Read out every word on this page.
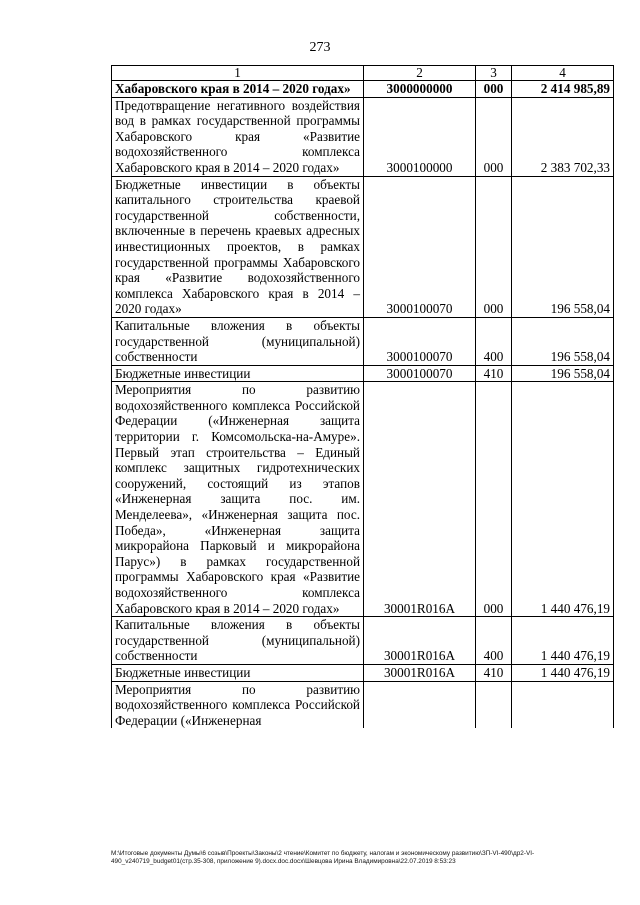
273
1	2	3	4
Хабаровского края в 2014 – 2020 годах»	3000000000	000	2 414 985,89
Предотвращение негативного воздействия вод в рамках государственной программы Хабаровского края «Развитие водохозяйственного комплекса Хабаровского края в 2014 – 2020 годах»	3000100000	000	2 383 702,33
Бюджетные инвестиции в объекты капитального строительства краевой государственной собственности, включенные в перечень краевых адресных инвестиционных проектов, в рамках государственной программы Хабаровского края «Развитие водохозяйственного комплекса Хабаровского края в 2014 – 2020 годах»	3000100070	000	196 558,04
Капитальные вложения в объекты государственной (муниципальной) собственности	3000100070	400	196 558,04
Бюджетные инвестиции	3000100070	410	196 558,04
Мероприятия по развитию водохозяйственного комплекса Российской Федерации («Инженерная защита территории г. Комсомольска-на-Амуре». Первый этап строительства – Единый комплекс защитных гидротехнических сооружений, состоящий из этапов «Инженерная защита пос. им. Менделеева», «Инженерная защита пос. Победа», «Инженерная защита микрорайона Парковый и микрорайона Парус») в рамках государственной программы Хабаровского края «Развитие водохозяйственного комплекса Хабаровского края в 2014 – 2020 годах»	30001R016A	000	1 440 476,19
Капитальные вложения в объекты государственной (муниципальной) собственности	30001R016A	400	1 440 476,19
Бюджетные инвестиции	30001R016A	410	1 440 476,19
Мероприятия по развитию водохозяйственного комплекса Российской Федерации («Инженерная			
M:\Итоговые документы Думы\6 созыв\Проекты\Законы\2 чтение\Комитет по бюджету, налогам и экономическому развитию\ЗП-VI-490\др2-VI-490_v240719_budget01(стр.35-308, приложение 9).docx.doc.docx\Шевцова Ирина Владимировна\22.07.2019 8:53:23
